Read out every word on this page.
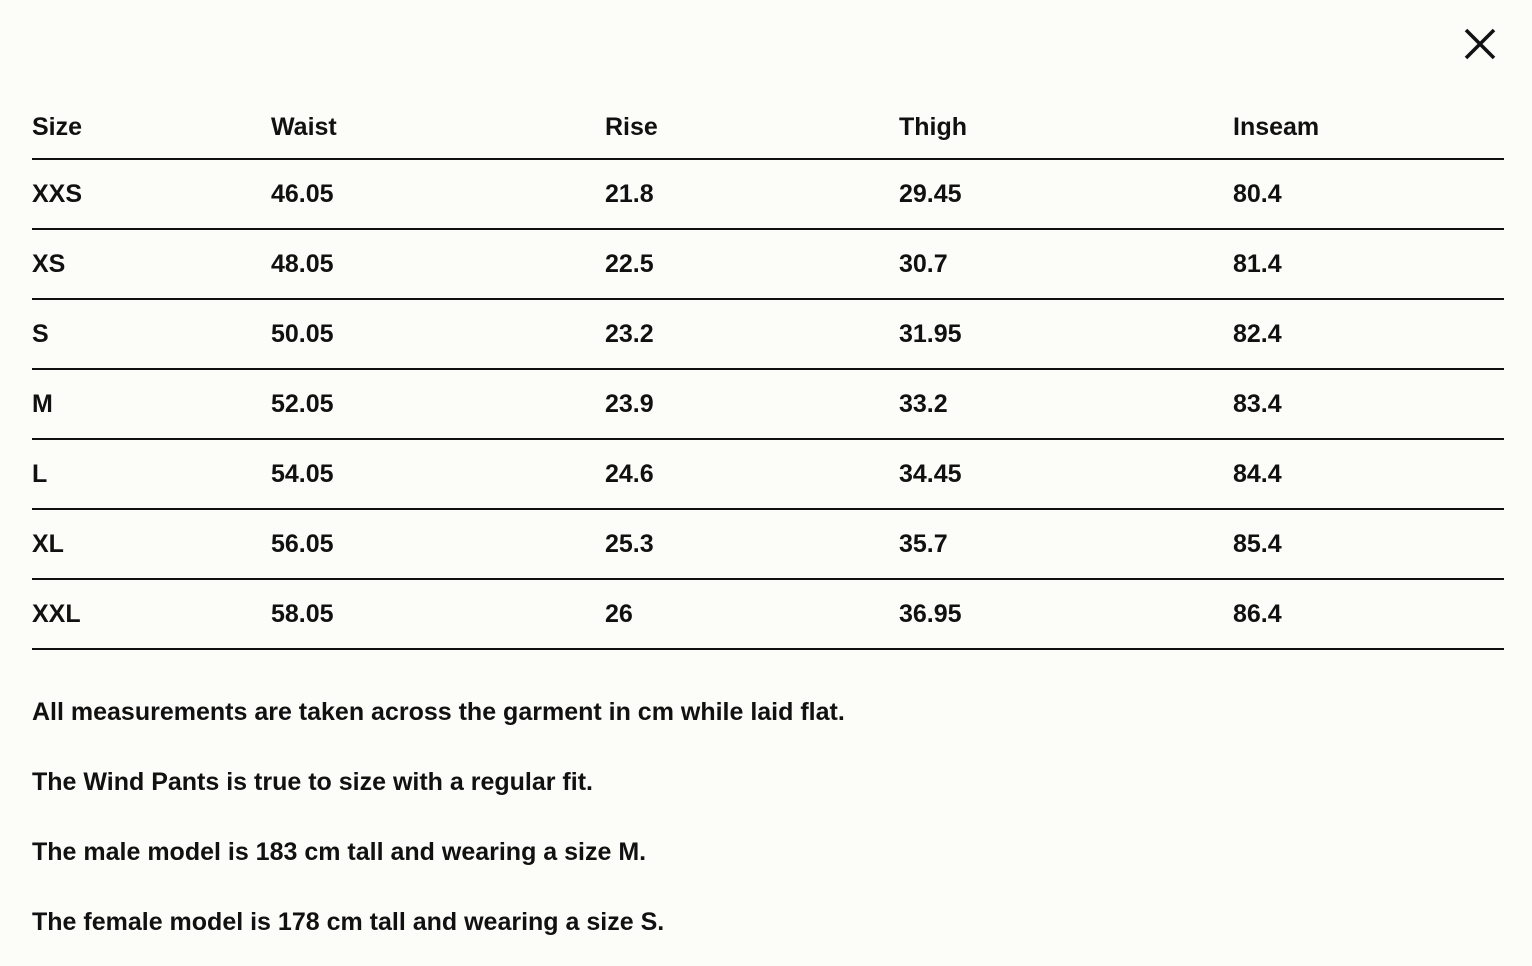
Size	Waist	Rise	Thigh	Inseam
XXS	46.05	21.8	29.45	80.4
XS	48.05	22.5	30.7	81.4
S	50.05	23.2	31.95	82.4
M	52.05	23.9	33.2	83.4
L	54.05	24.6	34.45	84.4
XL	56.05	25.3	35.7	85.4
XXL	58.05	26	36.95	86.4

All measurements are taken across the garment in cm while laid flat.

The Wind Pants is true to size with a regular fit.

The male model is 183 cm tall and wearing a size M.

The female model is 178 cm tall and wearing a size S.
